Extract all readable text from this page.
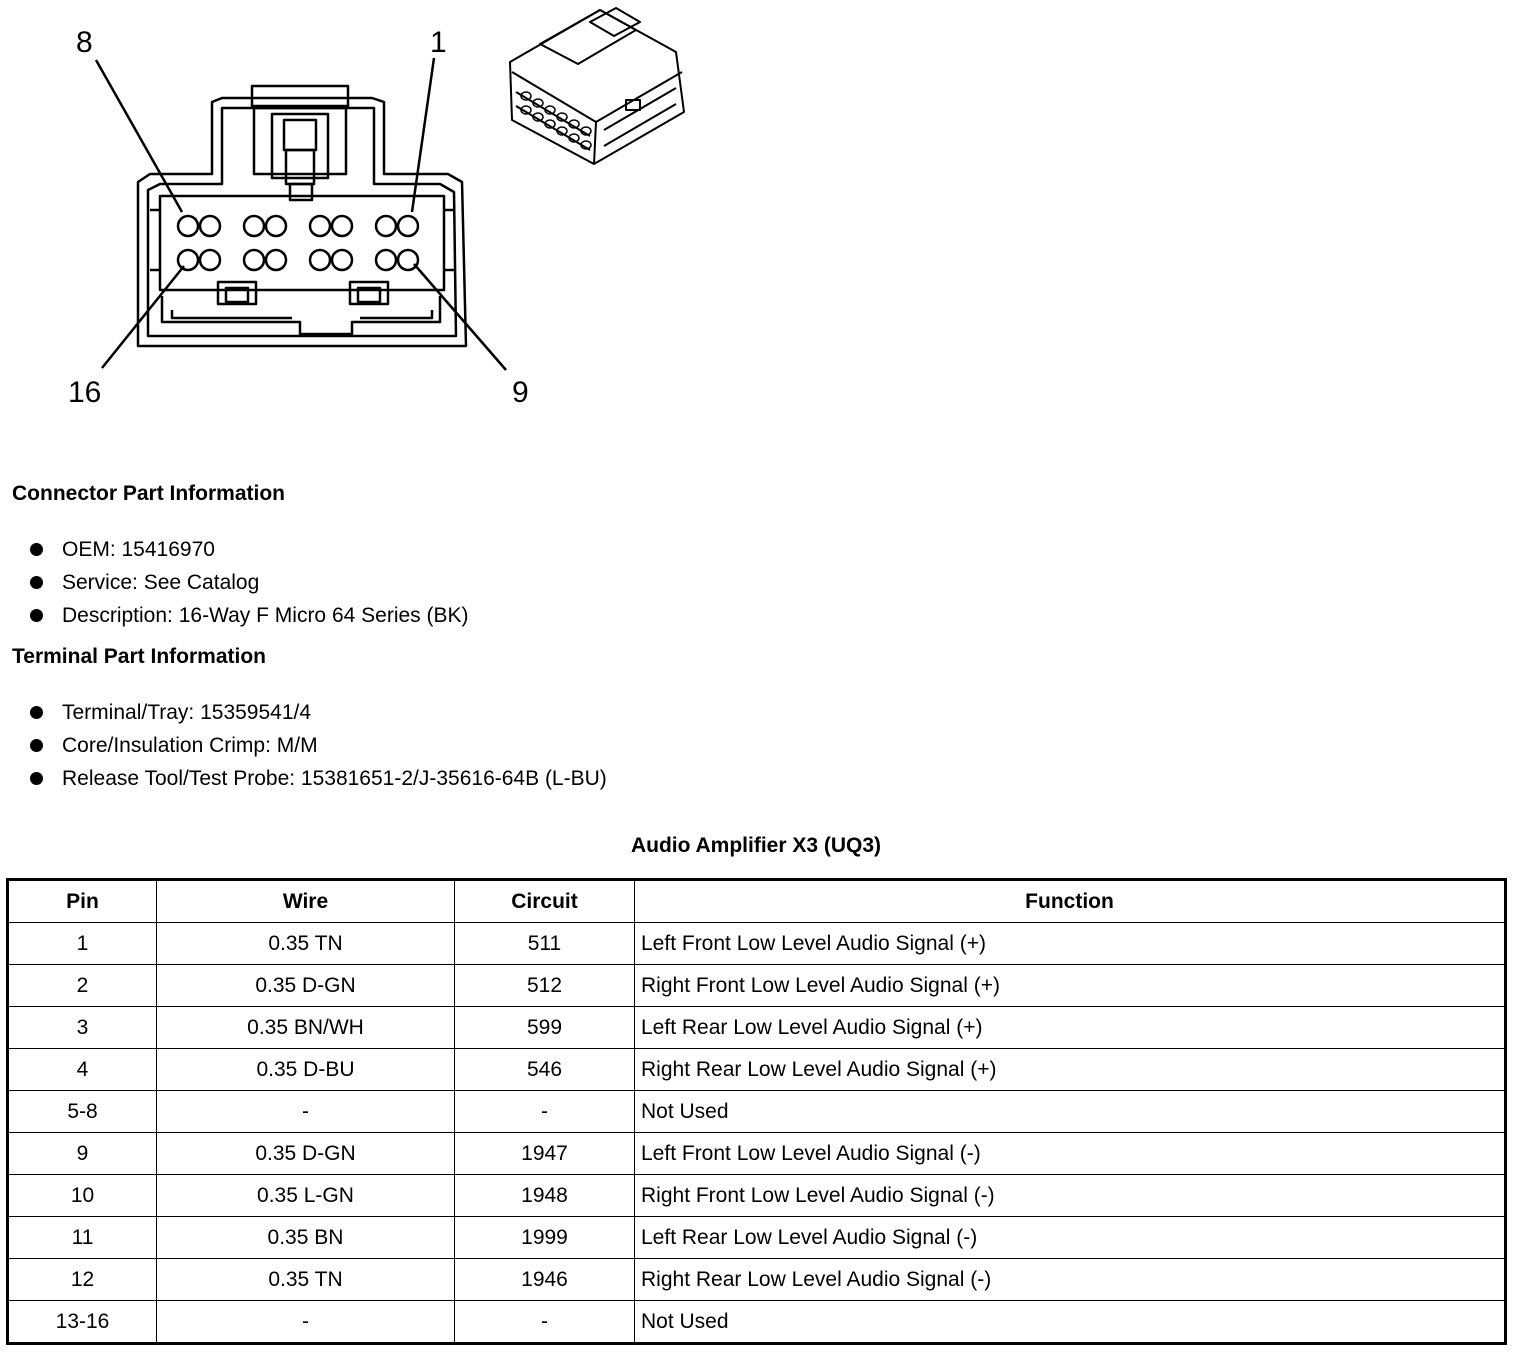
8	1
16	9
Connector Part Information
OEM: 15416970
Service: See Catalog
Description: 16-Way F Micro 64 Series (BK)
Terminal Part Information
Terminal/Tray: 15359541/4
Core/Insulation Crimp: M/M
Release Tool/Test Probe: 15381651-2/J-35616-64B (L-BU)
Audio Amplifier X3 (UQ3)
Pin	Wire	Circuit	Function
1	0.35 TN	511	Left Front Low Level Audio Signal (+)
2	0.35 D-GN	512	Right Front Low Level Audio Signal (+)
3	0.35 BN/WH	599	Left Rear Low Level Audio Signal (+)
4	0.35 D-BU	546	Right Rear Low Level Audio Signal (+)
5-8	-	-	Not Used
9	0.35 D-GN	1947	Left Front Low Level Audio Signal (-)
10	0.35 L-GN	1948	Right Front Low Level Audio Signal (-)
11	0.35 BN	1999	Left Rear Low Level Audio Signal (-)
12	0.35 TN	1946	Right Rear Low Level Audio Signal (-)
13-16	-	-	Not Used
